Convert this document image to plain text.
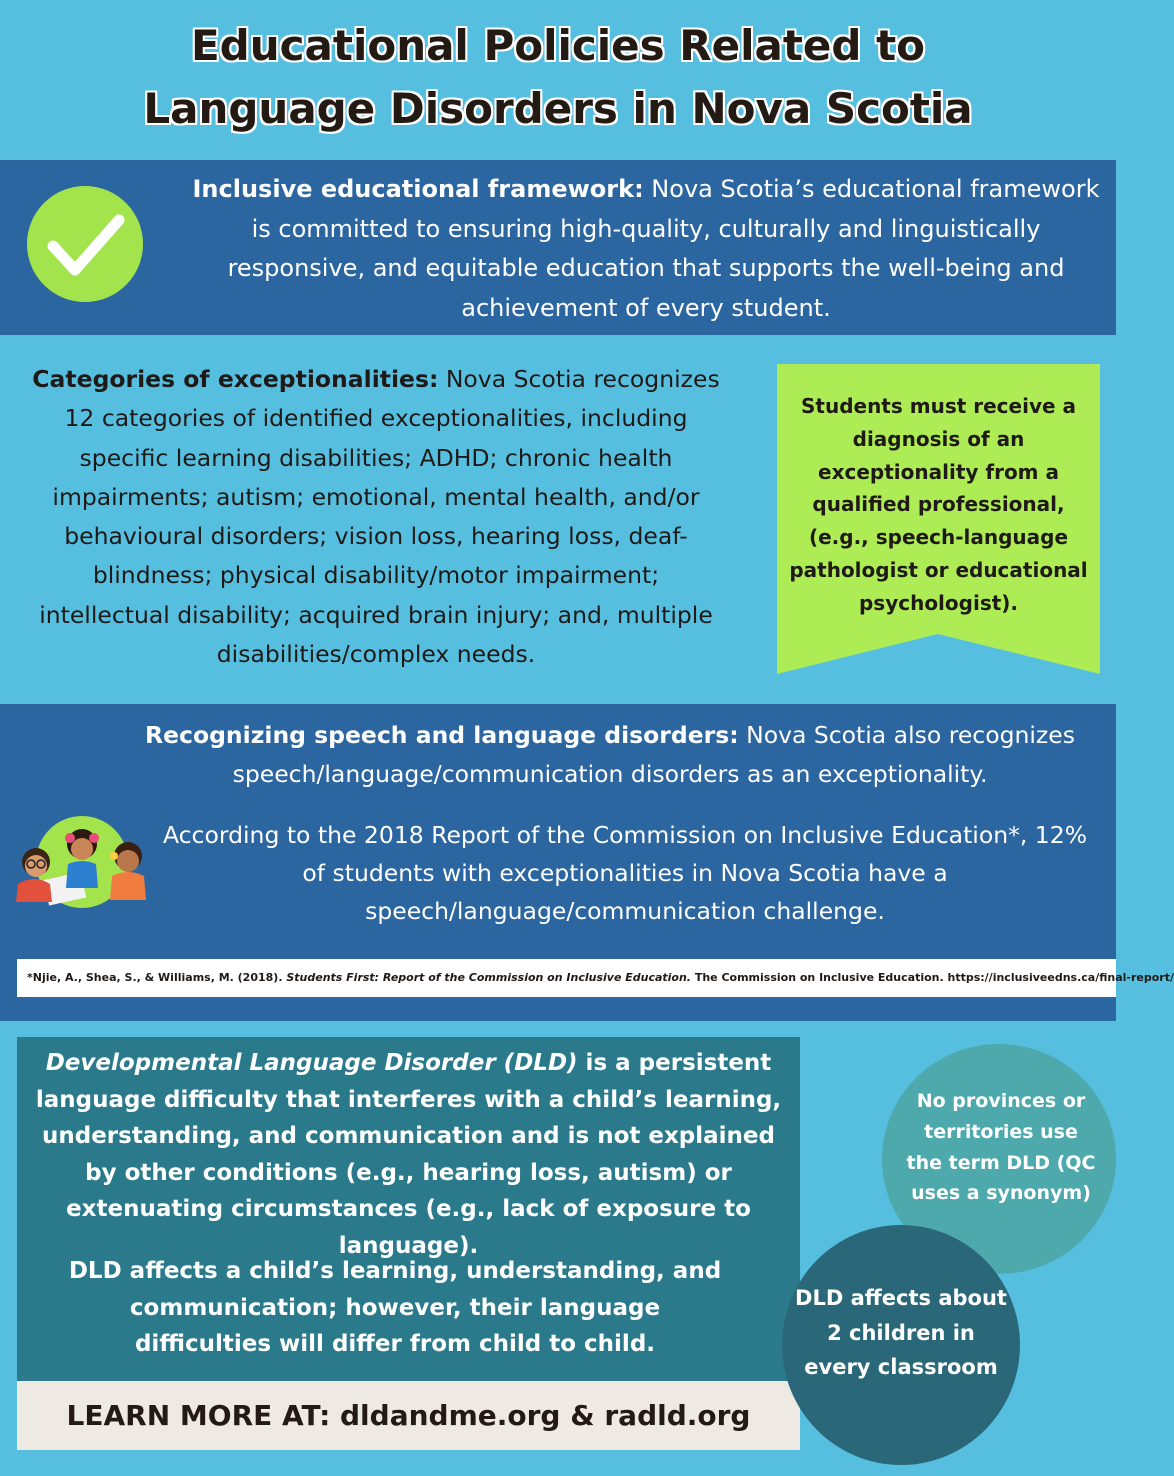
Educational Policies Related to
Language Disorders in Nova Scotia
Inclusive educational framework: Nova Scotia’s educational framework is committed to ensuring high-quality, culturally and linguistically responsive, and equitable education that supports the well-being and achievement of every student.
Categories of exceptionalities: Nova Scotia recognizes 12 categories of identified exceptionalities, including specific learning disabilities; ADHD; chronic health impairments; autism; emotional, mental health, and/or behavioural disorders; vision loss, hearing loss, deaf-blindness; physical disability/motor impairment; intellectual disability; acquired brain injury; and, multiple disabilities/complex needs.
Students must receive a diagnosis of an exceptionality from a qualified professional, (e.g., speech-language pathologist or educational psychologist).
Recognizing speech and language disorders: Nova Scotia also recognizes speech/language/communication disorders as an exceptionality.
According to the 2018 Report of the Commission on Inclusive Education*, 12% of students with exceptionalities in Nova Scotia have a speech/language/communication challenge.
*Njie, A., Shea, S., & Williams, M. (2018). Students First: Report of the Commission on Inclusive Education. The Commission on Inclusive Education. https://inclusiveedns.ca/final-report/
Developmental Language Disorder (DLD) is a persistent language difficulty that interferes with a child’s learning, understanding, and communication and is not explained by other conditions (e.g., hearing loss, autism) or extenuating circumstances (e.g., lack of exposure to language).
DLD affects a child’s learning, understanding, and communication; however, their language difficulties will differ from child to child.
LEARN MORE AT: dldandme.org & radld.org
No provinces or territories use the term DLD (QC uses a synonym)
DLD affects about 2 children in every classroom
